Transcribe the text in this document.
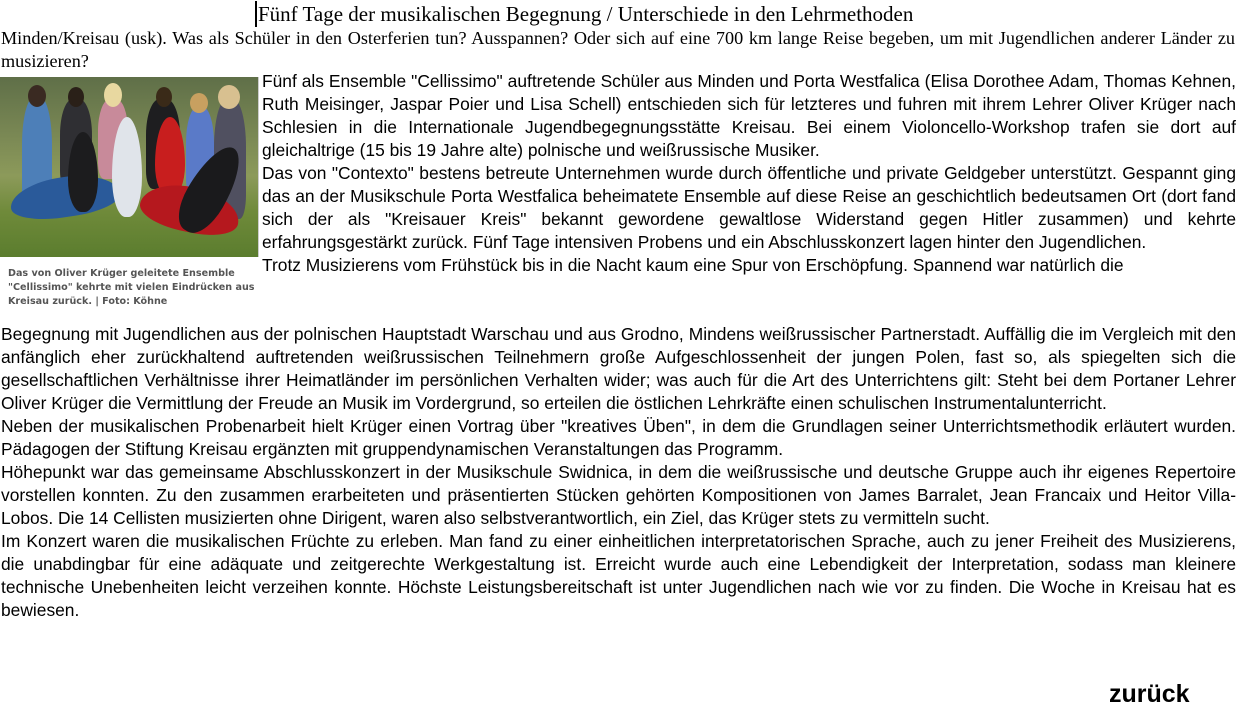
Fünf Tage der musikalischen Begegnung / Unterschiede in den Lehrmethoden
Minden/Kreisau (usk). Was als Schüler in den Osterferien tun? Ausspannen? Oder sich auf eine 700 km lange Reise begeben, um mit Jugendlichen anderer Länder zu musizieren?
Das von Oliver Krüger geleitete Ensemble "Cellissimo" kehrte mit vielen Eindrücken aus Kreisau zurück. | Foto: Köhne

Fünf als Ensemble "Cellissimo" auftretende Schüler aus Minden und Porta Westfalica (Elisa Dorothee Adam, Thomas Kehnen, Ruth Meisinger, Jaspar Poier und Lisa Schell) entschieden sich für letzteres und fuhren mit ihrem Lehrer Oliver Krüger nach Schlesien in die Internationale Jugendbegegnungsstätte Kreisau. Bei einem Violoncello-Workshop trafen sie dort auf gleichaltrige (15 bis 19 Jahre alte) polnische und weißrussische Musiker.

Das von "Contexto" bestens betreute Unternehmen wurde durch öffentliche und private Geldgeber unterstützt. Gespannt ging das an der Musikschule Porta Westfalica beheimatete Ensemble auf diese Reise an geschichtlich bedeutsamen Ort (dort fand sich der als "Kreisauer Kreis" bekannt gewordene gewaltlose Widerstand gegen Hitler zusammen) und kehrte erfahrungsgestärkt zurück. Fünf Tage intensiven Probens und ein Abschlusskonzert lagen hinter den Jugendlichen.

Trotz Musizierens vom Frühstück bis in die Nacht kaum eine Spur von Erschöpfung. Spannend war natürlich die

Begegnung mit Jugendlichen aus der polnischen Hauptstadt Warschau und aus Grodno, Mindens weißrussischer Partnerstadt. Auffällig die im Vergleich mit den anfänglich eher zurückhaltend auftretenden weißrussischen Teilnehmern große Aufgeschlossenheit der jungen Polen, fast so, als spiegelten sich die gesellschaftlichen Verhältnisse ihrer Heimatländer im persönlichen Verhalten wider; was auch für die Art des Unterrichtens gilt: Steht bei dem Portaner Lehrer Oliver Krüger die Vermittlung der Freude an Musik im Vordergrund, so erteilen die östlichen Lehrkräfte einen schulischen Instrumentalunterricht.

Neben der musikalischen Probenarbeit hielt Krüger einen Vortrag über "kreatives Üben", in dem die Grundlagen seiner Unterrichtsmethodik erläutert wurden. Pädagogen der Stiftung Kreisau ergänzten mit gruppendynamischen Veranstaltungen das Programm.

Höhepunkt war das gemeinsame Abschlusskonzert in der Musikschule Swidnica, in dem die weißrussische und deutsche Gruppe auch ihr eigenes Repertoire vorstellen konnten. Zu den zusammen erarbeiteten und präsentierten Stücken gehörten Kompositionen von James Barralet, Jean Francaix und Heitor Villa-Lobos. Die 14 Cellisten musizierten ohne Dirigent, waren also selbstverantwortlich, ein Ziel, das Krüger stets zu vermitteln sucht.

Im Konzert waren die musikalischen Früchte zu erleben. Man fand zu einer einheitlichen interpretatorischen Sprache, auch zu jener Freiheit des Musizierens, die unabdingbar für eine adäquate und zeitgerechte Werkgestaltung ist. Erreicht wurde auch eine Lebendigkeit der Interpretation, sodass man kleinere technische Unebenheiten leicht verzeihen konnte. Höchste Leistungsbereitschaft ist unter Jugendlichen nach wie vor zu finden. Die Woche in Kreisau hat es bewiesen.

zurück
